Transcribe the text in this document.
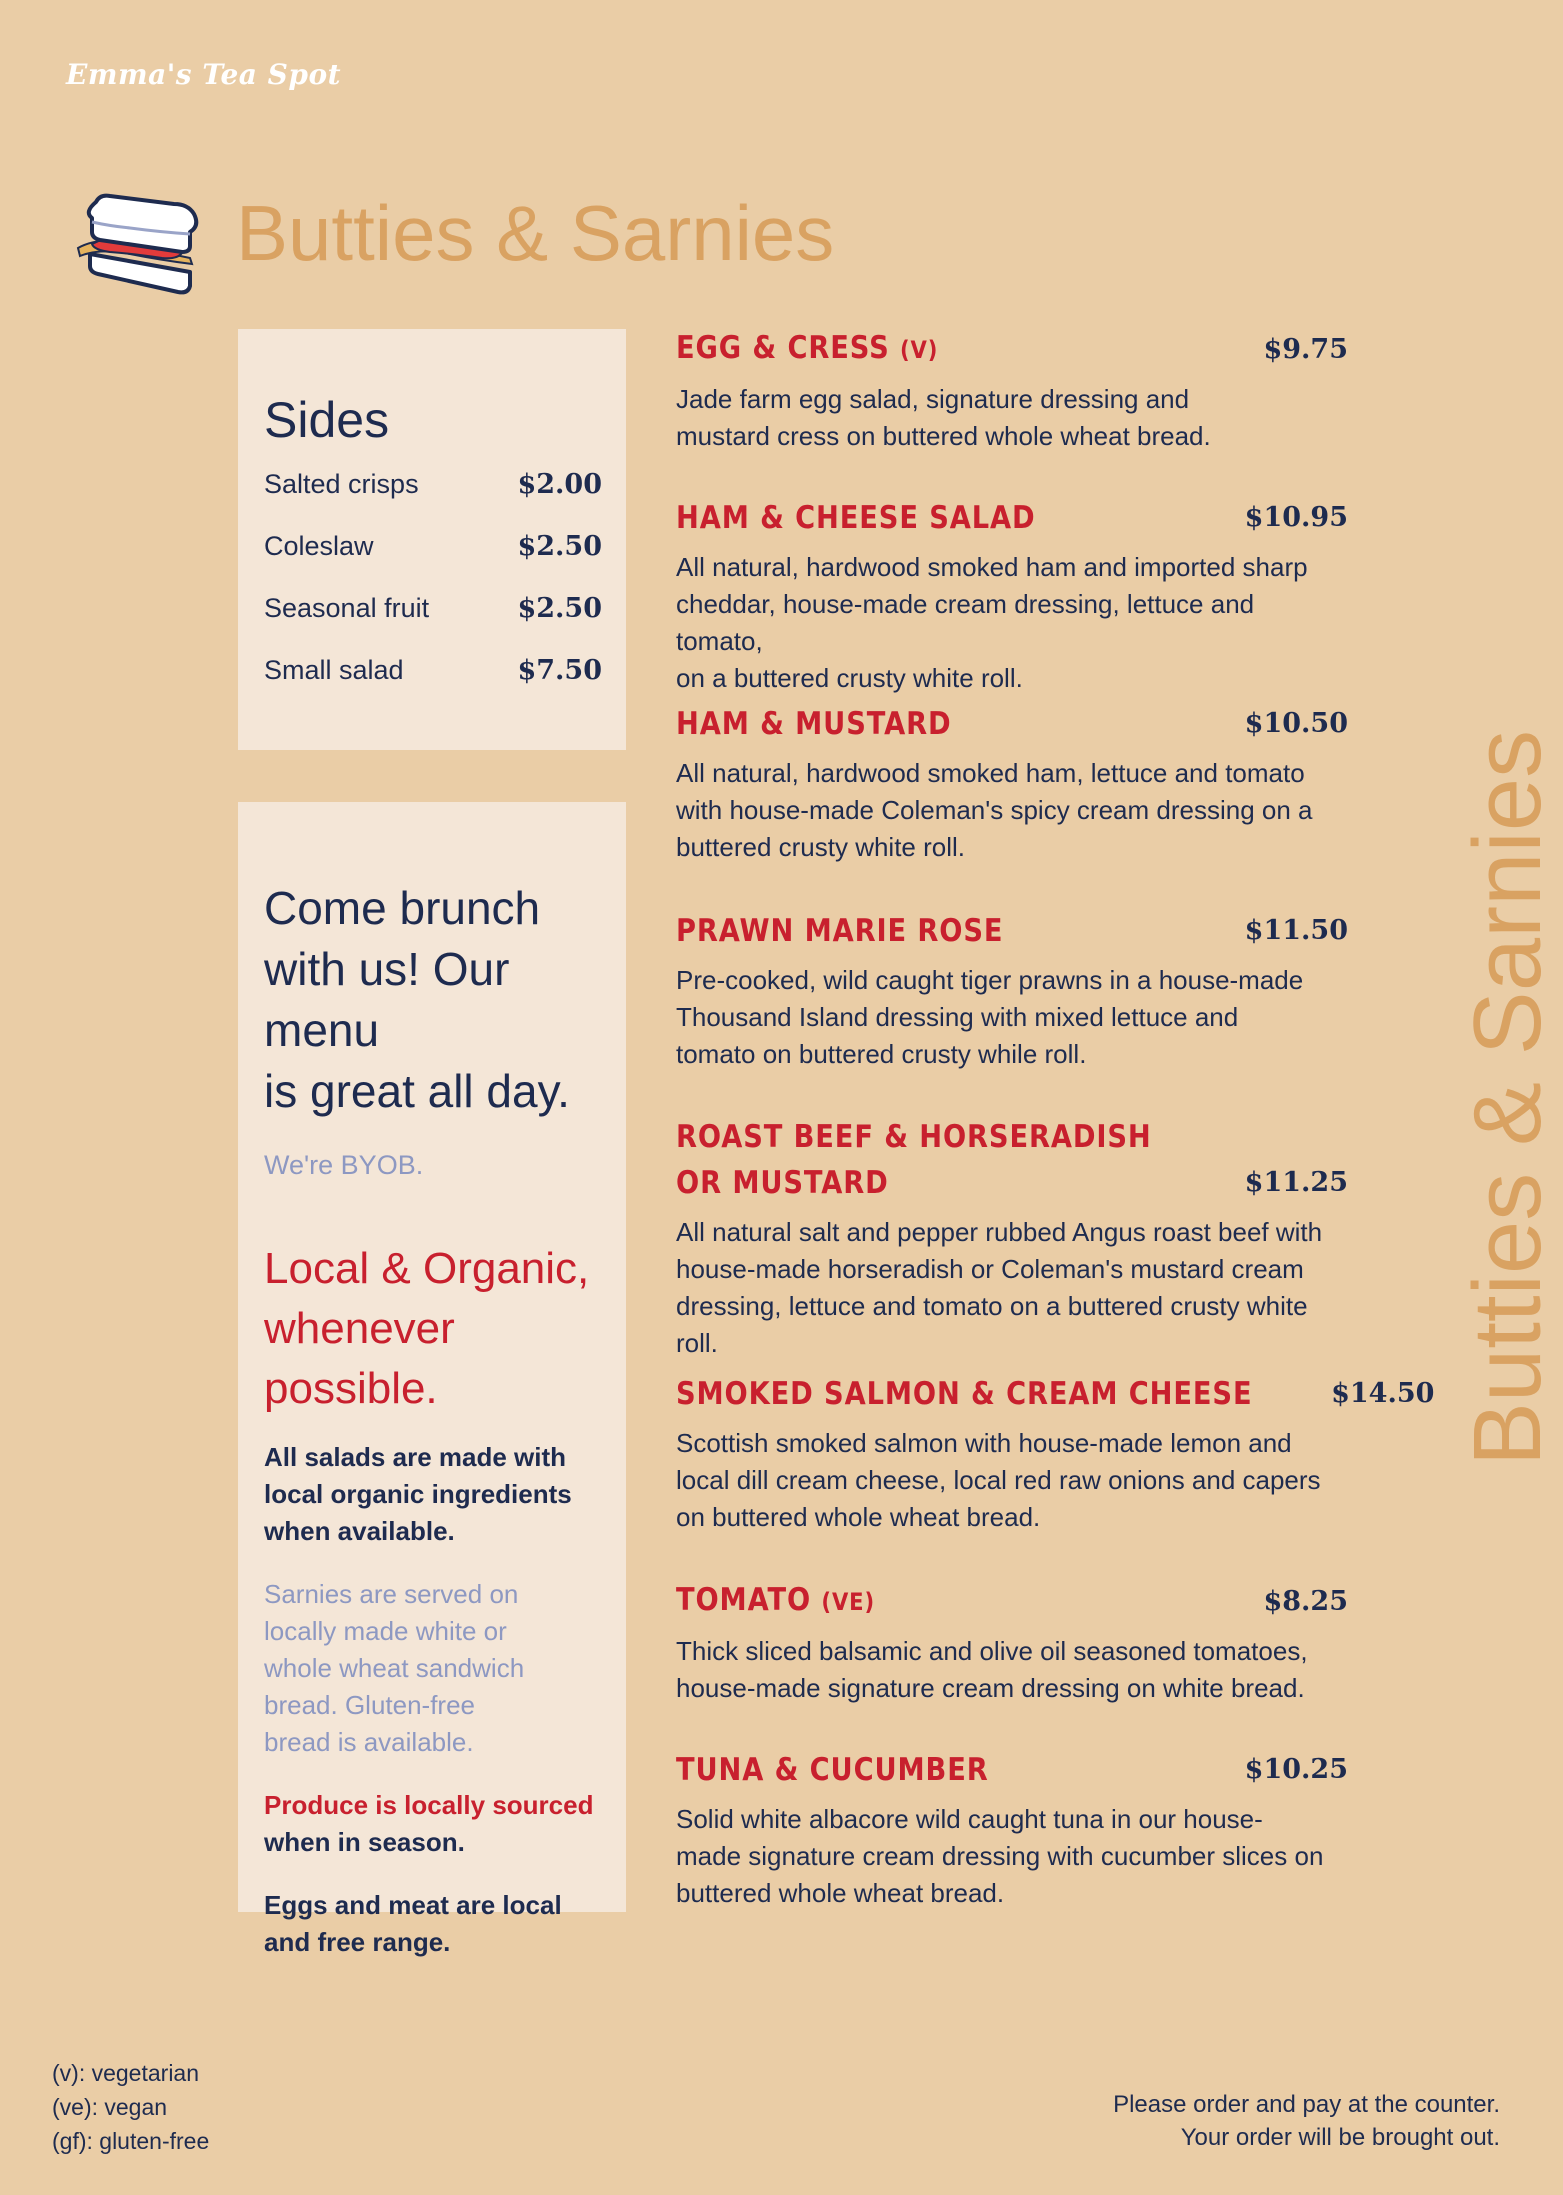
Emma's Tea Spot
Butties & Sarnies
Butties & Sarnies
Sides
Salted crisps	$2.00
Coleslaw	$2.50
Seasonal fruit	$2.50
Small salad	$7.50

Come brunch
with us! Our menu
is great all day.

We're BYOB.

Local & Organic,
whenever possible.

All salads are made with
local organic ingredients
when available.

Sarnies are served on
locally made white or
whole wheat sandwich
bread. Gluten-free
bread is available.

Produce is locally sourced
when in season.

Eggs and meat are local
and free range.

EGG & CRESS (V)	$9.75
Jade farm egg salad, signature dressing and
mustard cress on buttered whole wheat bread.
HAM & CHEESE SALAD	$10.95
All natural, hardwood smoked ham and imported sharp
cheddar, house-made cream dressing, lettuce and tomato,
on a buttered crusty white roll.
HAM & MUSTARD	$10.50
All natural, hardwood smoked ham, lettuce and tomato
with house-made Coleman's spicy cream dressing on a
buttered crusty white roll.
PRAWN MARIE ROSE	$11.50
Pre-cooked, wild caught tiger prawns in a house-made
Thousand Island dressing with mixed lettuce and
tomato on buttered crusty while roll.
ROAST BEEF & HORSERADISH
OR MUSTARD	$11.25
All natural salt and pepper rubbed Angus roast beef with
house-made horseradish or Coleman's mustard cream
dressing, lettuce and tomato on a buttered crusty white roll.
SMOKED SALMON & CREAM CHEESE	$14.50
Scottish smoked salmon with house-made lemon and
local dill cream cheese, local red raw onions and capers
on buttered whole wheat bread.
TOMATO (VE)	$8.25
Thick sliced balsamic and olive oil seasoned tomatoes,
house-made signature cream dressing on white bread.
TUNA & CUCUMBER	$10.25
Solid white albacore wild caught tuna in our house-
made signature cream dressing with cucumber slices on
buttered whole wheat bread.
(v): vegetarian
(ve): vegan
(gf): gluten-free
Please order and pay at the counter.
Your order will be brought out.
